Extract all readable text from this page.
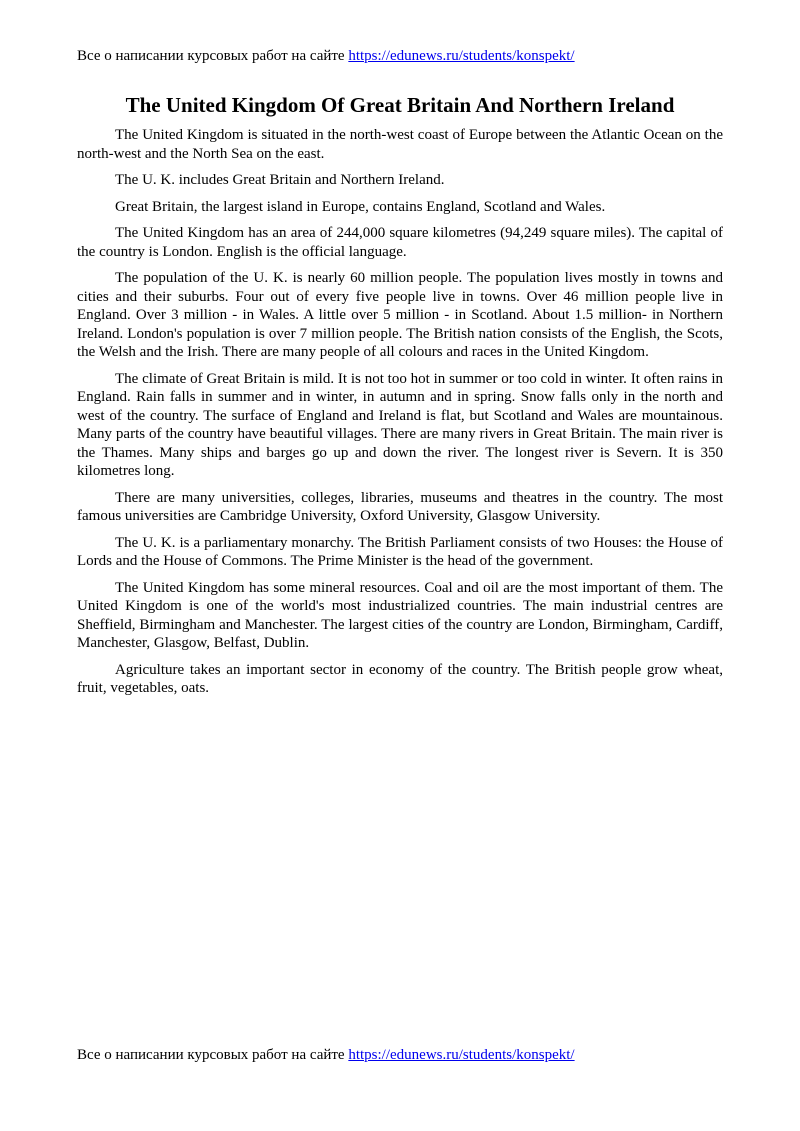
Все о написании курсовых работ на сайте https://edunews.ru/students/konspekt/
The United Kingdom Of Great Britain And Northern Ireland

The United Kingdom is situated in the north-west coast of Europe between the Atlantic Ocean on the north-west and the North Sea on the east.

The U. K. includes Great Britain and Northern Ireland.

Great Britain, the largest island in Europe, contains England, Scotland and Wales.

The United Kingdom has an area of 244,000 square kilometres (94,249 square miles). The capital of the country is London. English is the official language.

The population of the U. K. is nearly 60 million people. The population lives mostly in towns and cities and their suburbs. Four out of every five people live in towns. Over 46 million people live in England. Over 3 million - in Wales. A little over 5 million - in Scotland. About 1.5 million- in Northern Ireland. London's population is over 7 million people. The British nation consists of the English, the Scots, the Welsh and the Irish. There are many people of all colours and races in the United Kingdom.

The climate of Great Britain is mild. It is not too hot in summer or too cold in winter. It often rains in England. Rain falls in summer and in winter, in autumn and in spring. Snow falls only in the north and west of the country. The surface of England and Ireland is flat, but Scotland and Wales are mountainous. Many parts of the country have beautiful villages. There are many rivers in Great Britain. The main river is the Thames. Many ships and barges go up and down the river. The longest river is Severn. It is 350 kilometres long.

There are many universities, colleges, libraries, museums and theatres in the country. The most famous universities are Cambridge University, Oxford University, Glasgow University.

The U. K. is a parliamentary monarchy. The British Parliament consists of two Houses: the House of Lords and the House of Commons. The Prime Minister is the head of the government.

The United Kingdom has some mineral resources. Coal and oil are the most important of them. The United Kingdom is one of the world's most industrialized countries. The main industrial centres are Sheffield, Birmingham and Manchester. The largest cities of the country are London, Birmingham, Cardiff, Manchester, Glasgow, Belfast, Dublin.

Agriculture takes an important sector in economy of the country. The British people grow wheat, fruit, vegetables, oats.

Все о написании курсовых работ на сайте https://edunews.ru/students/konspekt/
